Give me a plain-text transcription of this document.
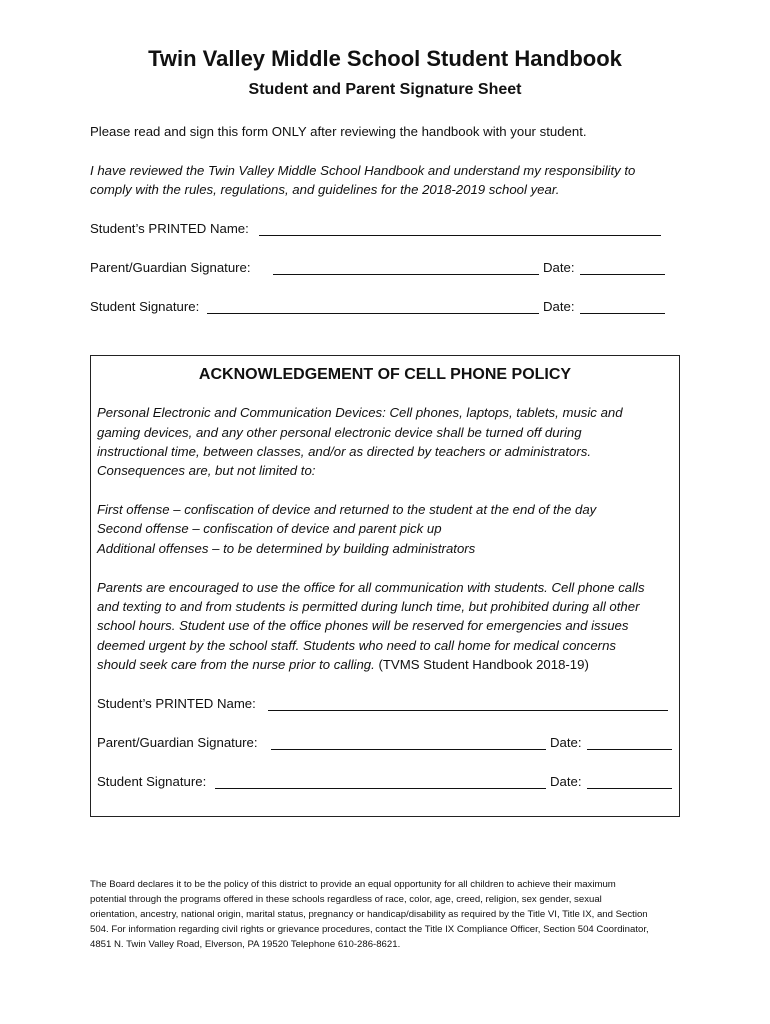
Twin Valley Middle School Student Handbook
Student and Parent Signature Sheet
Please read and sign this form ONLY after reviewing the handbook with your student.
I have reviewed the Twin Valley Middle School Handbook and understand my responsibility to
comply with the rules, regulations, and guidelines for the 2018-2019 school year.
Student’s PRINTED Name:
Parent/Guardian Signature:	Date:
Student Signature:	Date:
ACKNOWLEDGEMENT OF CELL PHONE POLICY
Personal Electronic and Communication Devices: Cell phones, laptops, tablets, music and
gaming devices, and any other personal electronic device shall be turned off during
instructional time, between classes, and/or as directed by teachers or administrators.
Consequences are, but not limited to:
First offense – confiscation of device and returned to the student at the end of the day
Second offense – confiscation of device and parent pick up
Additional offenses – to be determined by building administrators
Parents are encouraged to use the office for all communication with students. Cell phone calls
and texting to and from students is permitted during lunch time, but prohibited during all other
school hours. Student use of the office phones will be reserved for emergencies and issues
deemed urgent by the school staff. Students who need to call home for medical concerns
should seek care from the nurse prior to calling. (TVMS Student Handbook 2018-19)
Student’s PRINTED Name:
Parent/Guardian Signature:	Date:
Student Signature:	Date:
The Board declares it to be the policy of this district to provide an equal opportunity for all children to achieve their maximum
potential through the programs offered in these schools regardless of race, color, age, creed, religion, sex gender, sexual
orientation, ancestry, national origin, marital status, pregnancy or handicap/disability as required by the Title VI, Title IX, and Section
504. For information regarding civil rights or grievance procedures, contact the Title IX Compliance Officer, Section 504 Coordinator,
4851 N. Twin Valley Road, Elverson, PA 19520 Telephone 610-286-8621.
